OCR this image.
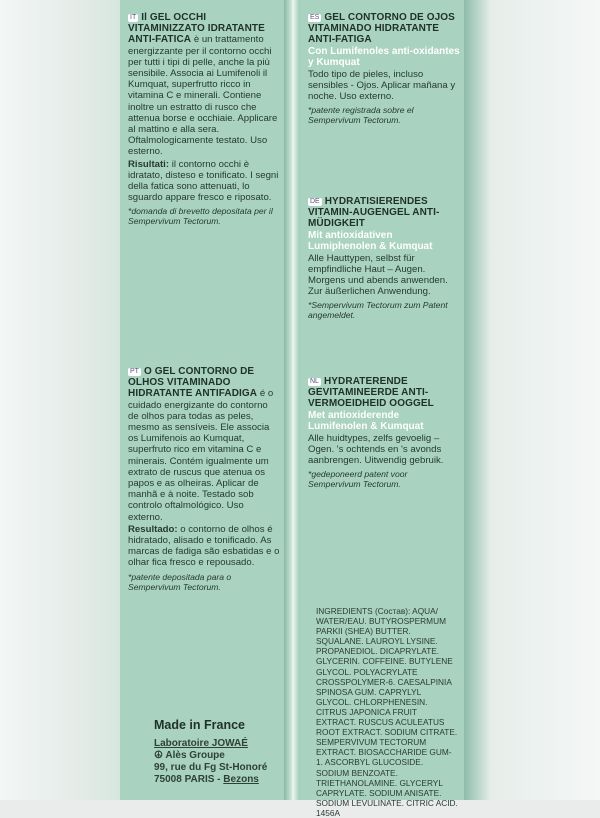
IT Il GEL OCCHI VITAMINIZZATO IDRATANTE ANTI-FATICA è un trattamento energizzante per il contorno occhi per tutti i tipi di pelle, anche la più sensibile. Associa ai Lumifenoli il Kumquat, superfrutto ricco in vitamina C e minerali. Contiene inoltre un estratto di rusco che attenua borse e occhiaie. Applicare al mattino e alla sera. Oftalmologicamente testato. Uso esterno.
Risultati: il contorno occhi è idratato, disteso e tonificato. I segni della fatica sono attenuati, lo sguardo appare fresco e riposato.
*domanda di brevetto depositata per il Sempervivum Tectorum.
PT O GEL CONTORNO DE OLHOS VITAMINADO HIDRATANTE ANTIFADIGA é o cuidado energizante do contorno de olhos para todas as peles, mesmo as sensíveis. Ele associa os Lumifenois ao Kumquat, superfruto rico em vitamina C e minerais. Contém igualmente um extrato de ruscus que atenua os papos e as olheiras. Aplicar de manhã e à noite. Testado sob controlo oftalmológico. Uso externo.
Resultado: o contorno de olhos é hidratado, alisado e tonificado. As marcas de fadiga são esbatidas e o olhar fica fresco e repousado.
*patente depositada para o Sempervivum Tectorum.
Made in France
Laboratoire JOWAÉ
☮ Alès Groupe
99, rue du Fg St-Honoré
75008 PARIS - Bezons
ES GEL CONTORNO DE OJOS VITAMINADO HIDRATANTE ANTI-FATIGA
Con Lumifenoles anti-oxidantes y Kumquat
Todo tipo de pieles, incluso sensibles - Ojos. Aplicar mañana y noche. Uso externo.
*patente registrada sobre el Sempervivum Tectorum.
DE HYDRATISIERENDES VITAMIN-AUGENGEL ANTI-MÜDIGKEIT
Mit antioxidativen Lumiphenolen & Kumquat
Alle Hauttypen, selbst für empfindliche Haut – Augen. Morgens und abends anwenden. Zur äußerlichen Anwendung.
*Sempervivum Tectorum zum Patent angemeldet.
NL HYDRATERENDE GEVITAMINEERDE ANTI-VERMOEIDHEID OOGGEL
Met antioxiderende Lumifenolen & Kumquat
Alle huidtypes, zelfs gevoelig – Ogen. 's ochtends en 's avonds aanbrengen. Uitwendig gebruik.
*gedeponeerd patent voor Sempervivum Tectorum.
INGREDIENTS (Состав): AQUA/ WATER/EAU. BUTYROSPERMUM PARKII (SHEA) BUTTER. SQUALANE. LAUROYL LYSINE. PROPANEDIOL. DICAPRYLATE. GLYCERIN. COFFEINE. BUTYLENE GLYCOL. POLYACRYLATE CROSSPOLYMER-6. CAESALPINIA SPINOSA GUM. CAPRYLYL GLYCOL. CHLORPHENESIN. CITRUS JAPONICA FRUIT EXTRACT. RUSCUS ACULEATUS ROOT EXTRACT. SODIUM CITRATE. SEMPERVIVUM TECTORUM EXTRACT. BIOSACCHARIDE GUM-1. ASCORBYL GLUCOSIDE. SODIUM BENZOATE. TRIETHANOLAMINE. GLYCERYL CAPRYLATE. SODIUM ANISATE. SODIUM LEVULINATE. CITRIC ACID. 1456A
